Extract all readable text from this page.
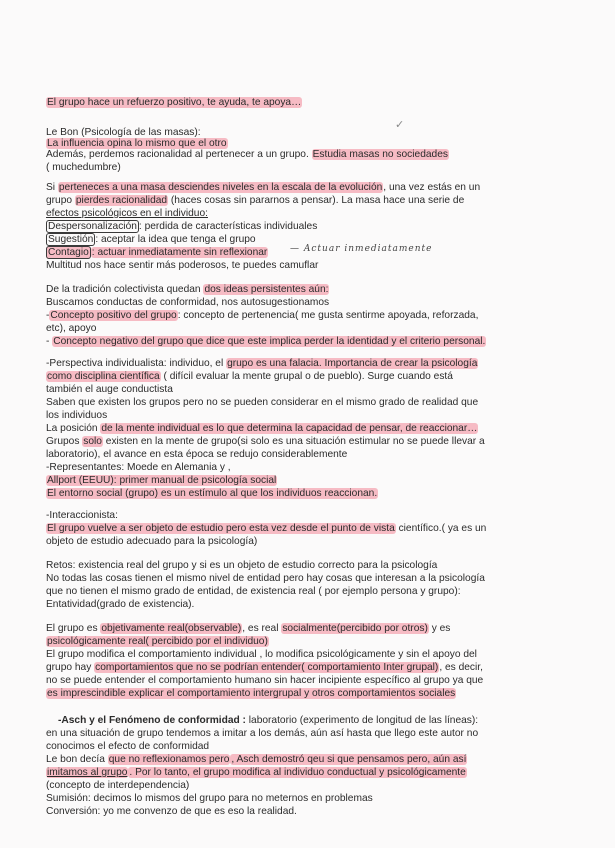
El grupo hace un refuerzo positivo, te ayuda, te apoya…
Le Bon (Psicología de las masas):
La influencia opina lo mismo que el otro
✓
Además, perdemos racionalidad al pertenecer a un grupo. Estudia masas no sociedades
( muchedumbre)
Si perteneces a una masa desciendes niveles en la escala de la evolución, una vez estás en un
grupo pierdes racionalidad (haces cosas sin pararnos a pensar). La masa hace una serie de
efectos psicológicos en el individuo:
Despersonalización : perdida de características individuales
Sugestión : aceptar la idea que tenga el grupo
Contagio : actuar inmediatamente sin reflexionar	— Actuar inmediatamente
Multitud nos hace sentir más poderosos, te puedes camuflar
De la tradición colectivista quedan dos ideas persistentes aún:
Buscamos conductas de conformidad, nos autosugestionamos
-Concepto positivo del grupo: concepto de pertenencia( me gusta sentirme apoyada, reforzada,
etc), apoyo
- Concepto negativo del grupo que dice que este implica perder la identidad y el criterio personal.
-Perspectiva individualista: individuo, el grupo es una falacia. Importancia de crear la psicología
como disciplina científica ( difícil evaluar la mente grupal o de pueblo). Surge cuando está
también el auge conductista
Saben que existen los grupos pero no se pueden considerar en el mismo grado de realidad que
los individuos
La posición de la mente individual es lo que determina la capacidad de pensar, de reaccionar…
Grupos solo existen en la mente de grupo(si solo es una situación estimular no se puede llevar a
laboratorio), el avance en esta época se redujo considerablemente
-Representantes: Moede en Alemania y ,
Allport (EEUU): primer manual de psicología social
El entorno social (grupo) es un estímulo al que los individuos reaccionan.
-Interaccionista:
El grupo vuelve a ser objeto de estudio pero esta vez desde el punto de vista científico.( ya es un
objeto de estudio adecuado para la psicología)
Retos: existencia real del grupo y si es un objeto de estudio correcto para la psicología
No todas las cosas tienen el mismo nivel de entidad pero hay cosas que interesan a la psicología
que no tienen el mismo grado de entidad, de existencia real ( por ejemplo persona y grupo):
Entatividad(grado de existencia).
El grupo es objetivamente real(observable), es real socialmente(percibido por otros) y es
psicológicamente real( percibido por el individuo)
El grupo modifica el comportamiento individual , lo modifica psicológicamente y sin el apoyo del
grupo hay comportamientos que no se podrían entender( comportamiento Inter grupal), es decir,
no se puede entender el comportamiento humano sin hacer incipiente específico al grupo ya que
es imprescindible explicar el comportamiento intergrupal y otros comportamientos sociales
-Asch y el Fenómeno de conformidad : laboratorio (experimento de longitud de las líneas):
en una situación de grupo tendemos a imitar a los demás, aún así hasta que llego este autor no
conocimos el efecto de conformidad
Le bon decía que no reflexionamos pero , Asch demostró qeu si que pensamos pero, aún así
imitamos al grupo . Por lo tanto, el grupo modifica al individuo conductual y psicológicamente
(concepto de interdependencia)
Sumisión: decimos lo mismos del grupo para no meternos en problemas
Conversión: yo me convenzo de que es eso la realidad.
